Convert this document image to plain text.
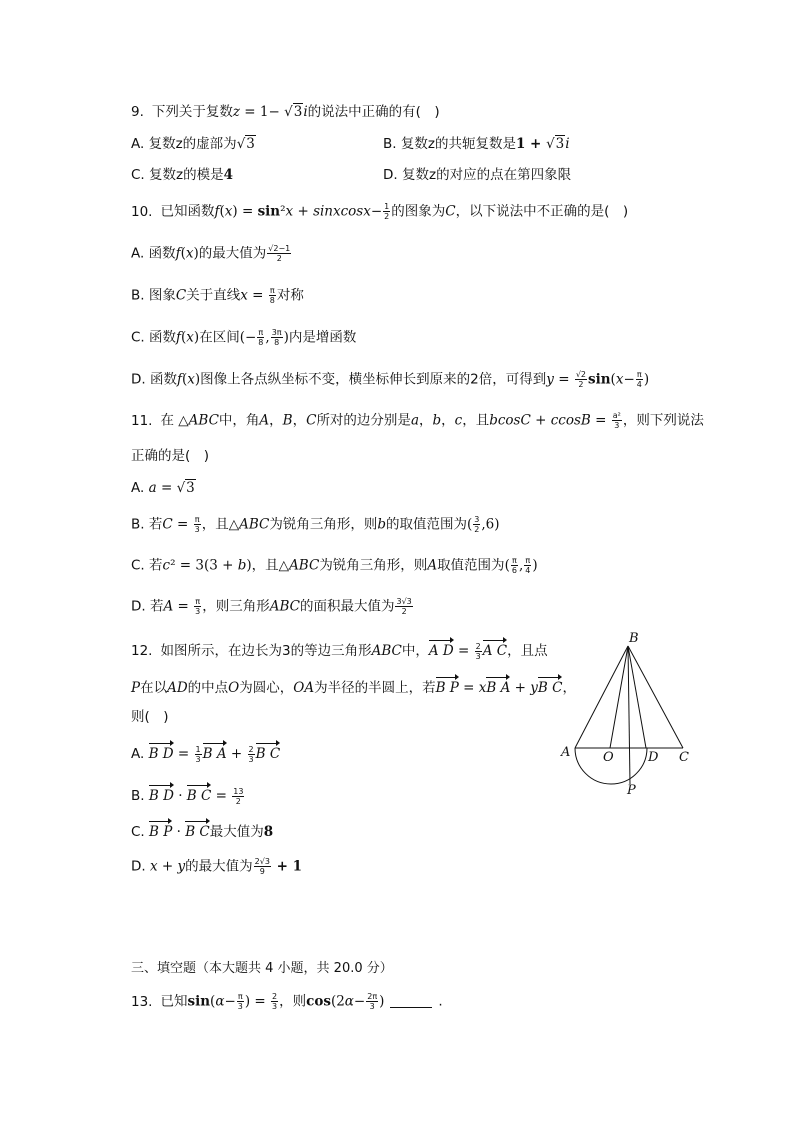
9. 下列关于复数z = 1− √3i的说法中正确的有(　)
A. 复数z的虚部为√3	B. 复数z的共轭复数是1 + √3i
C. 复数z的模是4	D. 复数z的对应的点在第四象限
10. 已知函数f(x) = sin²x + sinxcosx− $\frac{1}{2}$ 的图象为C，以下说法中不正确的是(　)
A. 函数f(x)的最大值为 $\frac{√2-1}{2}$
B. 图象C关于直线$x = \frac{\pi}{8}$ 对称
C. 函数f(x)在区间(− $\frac{\pi}{8}$ , $\frac{3\pi}{8}$ )内是增函数
D. 函数f(x)图像上各点纵坐标不变，横坐标伸长到原来的2倍，可得到$y = \frac{√2}{2} \sin(x- \frac{\pi}{4}$ )
11. 在 △ABC中，角A，B，C所对的边分别是a，b，c，且$bcosC + ccosB = \frac{\text{a²}}{3}$ ，则下列说法
正确的是(　)
A. a = √3
B. 若$C = \frac{\pi}{3}$ ，且△ABC为锐角三角形，则b的取值范围为( $\frac{3}{2} ,6$)
C. 若c² = 3(3 + b)，且△ABC为锐角三角形，则A取值范围为( $\frac{\pi}{6}$ , $\frac{\pi}{4}$ )
D. 若$A = \frac{\pi}{3}$ ，则三角形ABC的面积最大值为 $\frac{3√3}{2}$
12. 如图所示，在边长为3的等边三角形ABC中，A $D = \frac{2}{3}$ A C，且点
P在以AD的中点O为圆心，OA为半径的半圆上，若B P = xB A + yB C，
则(　)
A. B $D = \frac{1}{3}$ B $A + \frac{2}{3}$ B C
B. B D · B $C = \frac{13}{2}$
C. B P · B C最大值为8
D. x + y的最大值为 $\frac{2√3}{9} + 1$
B
A	O	D C
P
三、填空题（本大题共 4 小题，共 20.0 分）
13. 已知$\sin(\alpha- \frac{\pi}{3}$ ) = $\frac{2}{3}$ ，则$\cos(2\alpha- \frac{2\pi}{3}$ )	.
